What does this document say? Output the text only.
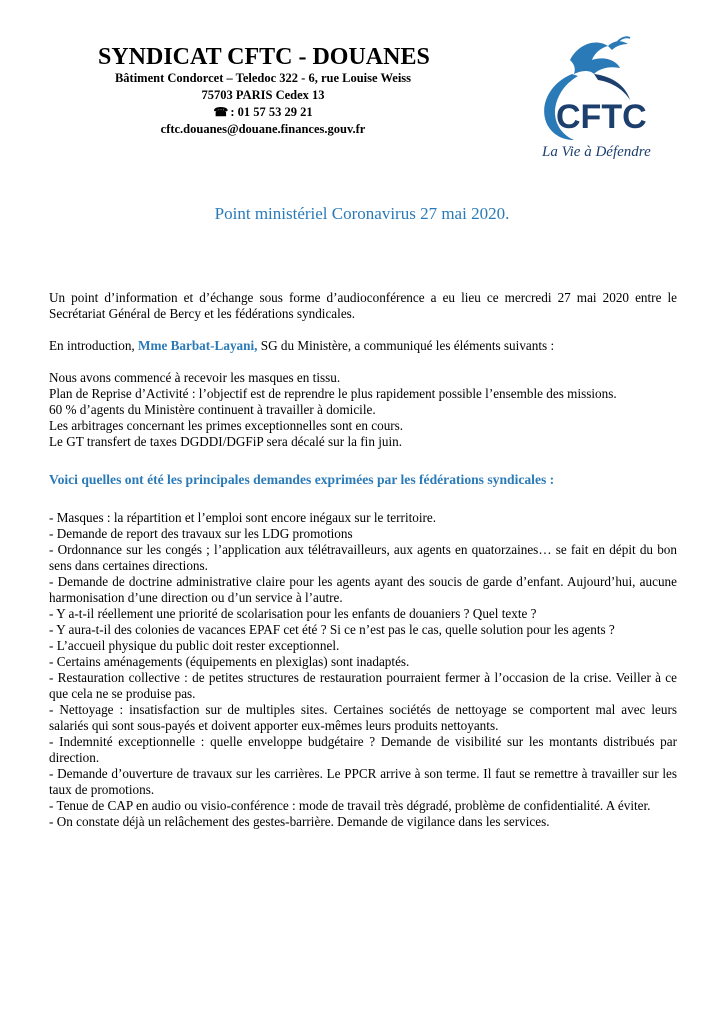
SYNDICAT CFTC - DOUANES
Bâtiment Condorcet – Teledoc 322 - 6, rue Louise Weiss
75703 PARIS Cedex 13
☎ : 01 57 53 29 21
cftc.douanes@douane.finances.gouv.fr	CFTC
La Vie à Défendre
Point ministériel Coronavirus 27 mai 2020.

Un point d’information et d’échange sous forme d’audioconférence a eu lieu ce mercredi 27 mai 2020 entre le Secrétariat Général de Bercy et les fédérations syndicales.

En introduction, Mme Barbat-Layani, SG du Ministère, a communiqué les éléments suivants :

Nous avons commencé à recevoir les masques en tissu.

Plan de Reprise d’Activité : l’objectif est de reprendre le plus rapidement possible l’ensemble des missions.

60 % d’agents du Ministère continuent à travailler à domicile.

Les arbitrages concernant les primes exceptionnelles sont en cours.

Le GT transfert de taxes DGDDI/DGFiP sera décalé sur la fin juin.

Voici quelles ont été les principales demandes exprimées par les fédérations syndicales :

- Masques : la répartition et l’emploi sont encore inégaux sur le territoire.

- Demande de report des travaux sur les LDG promotions

- Ordonnance sur les congés ; l’application aux télétravailleurs, aux agents en quatorzaines… se fait en dépit du bon sens dans certaines directions.

- Demande de doctrine administrative claire pour les agents ayant des soucis de garde d’enfant. Aujourd’hui, aucune harmonisation d’une direction ou d’un service à l’autre.

- Y a-t-il réellement une priorité de scolarisation pour les enfants de douaniers ? Quel texte ?

- Y aura-t-il des colonies de vacances EPAF cet été ? Si ce n’est pas le cas, quelle solution pour les agents ?

- L’accueil physique du public doit rester exceptionnel.

- Certains aménagements (équipements en plexiglas) sont inadaptés.

- Restauration collective : de petites structures de restauration pourraient fermer à l’occasion de la crise. Veiller à ce que cela ne se produise pas.

- Nettoyage : insatisfaction sur de multiples sites. Certaines sociétés de nettoyage se comportent mal avec leurs salariés qui sont sous-payés et doivent apporter eux-mêmes leurs produits nettoyants.

- Indemnité exceptionnelle : quelle enveloppe budgétaire ? Demande de visibilité sur les montants distribués par direction.

- Demande d’ouverture de travaux sur les carrières. Le PPCR arrive à son terme. Il faut se remettre à travailler sur les taux de promotions.

- Tenue de CAP en audio ou visio-conférence : mode de travail très dégradé, problème de confidentialité. A éviter.

- On constate déjà un relâchement des gestes-barrière. Demande de vigilance dans les services.
